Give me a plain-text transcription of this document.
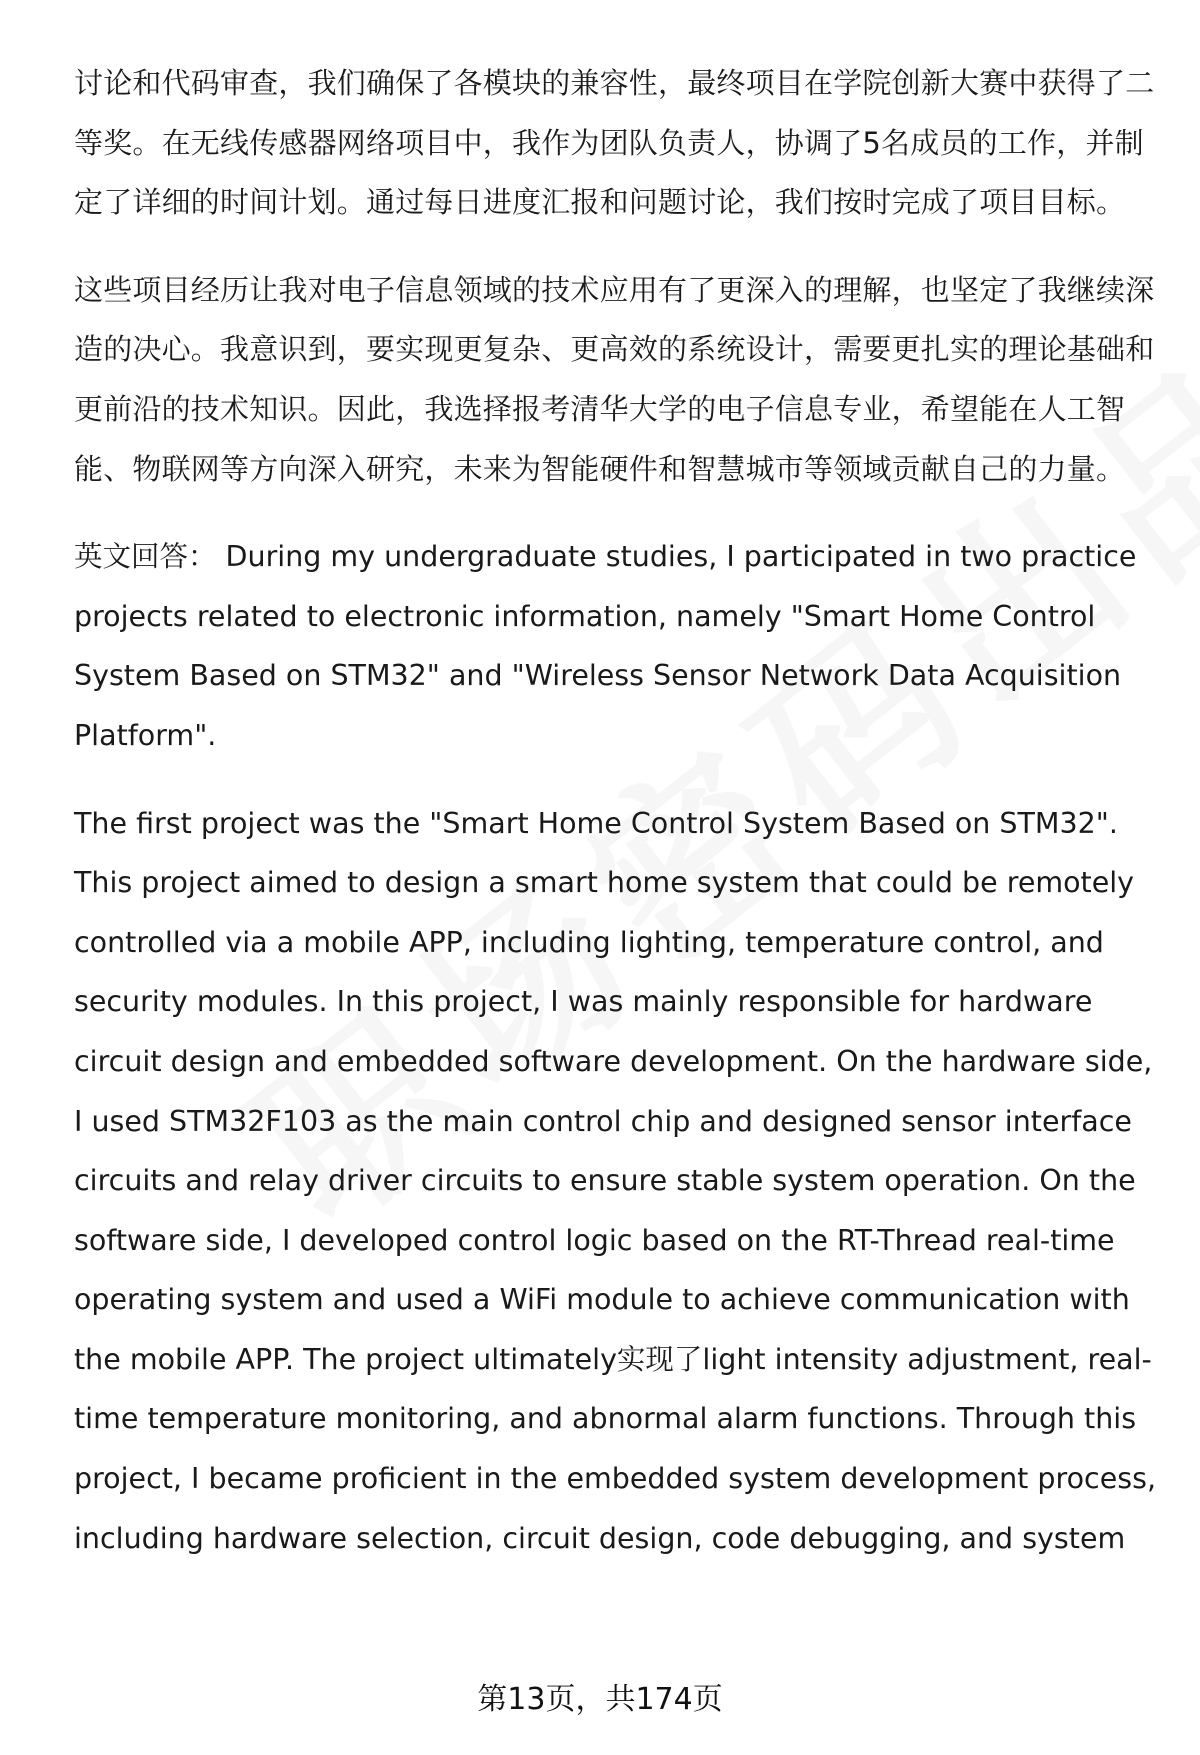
讨论和代码审查，我们确保了各模块的兼容性，最终项目在学院创新大赛中获得了二等奖。在无线传感器网络项目中，我作为团队负责人，协调了5名成员的工作，并制定了详细的时间计划。通过每日进度汇报和问题讨论，我们按时完成了项目目标。

这些项目经历让我对电子信息领域的技术应用有了更深入的理解，也坚定了我继续深造的决心。我意识到，要实现更复杂、更高效的系统设计，需要更扎实的理论基础和更前沿的技术知识。因此，我选择报考清华大学的电子信息专业，希望能在人工智能、物联网等方向深入研究，未来为智能硬件和智慧城市等领域贡献自己的力量。

英文回答： During my undergraduate studies, I participated in two practice projects related to electronic information, namely "Smart Home Control System Based on STM32" and "Wireless Sensor Network Data Acquisition Platform".

The first project was the "Smart Home Control System Based on STM32". This project aimed to design a smart home system that could be remotely controlled via a mobile APP, including lighting, temperature control, and security modules. In this project, I was mainly responsible for hardware circuit design and embedded software development. On the hardware side, I used STM32F103 as the main control chip and designed sensor interface circuits and relay driver circuits to ensure stable system operation. On the software side, I developed control logic based on the RT-Thread real-time operating system and used a WiFi module to achieve communication with the mobile APP. The project ultimately实现了light intensity adjustment, real-time temperature monitoring, and abnormal alarm functions. Through this project, I became proficient in the embedded system development process, including hardware selection, circuit design, code debugging, and system

第13页，共174页
